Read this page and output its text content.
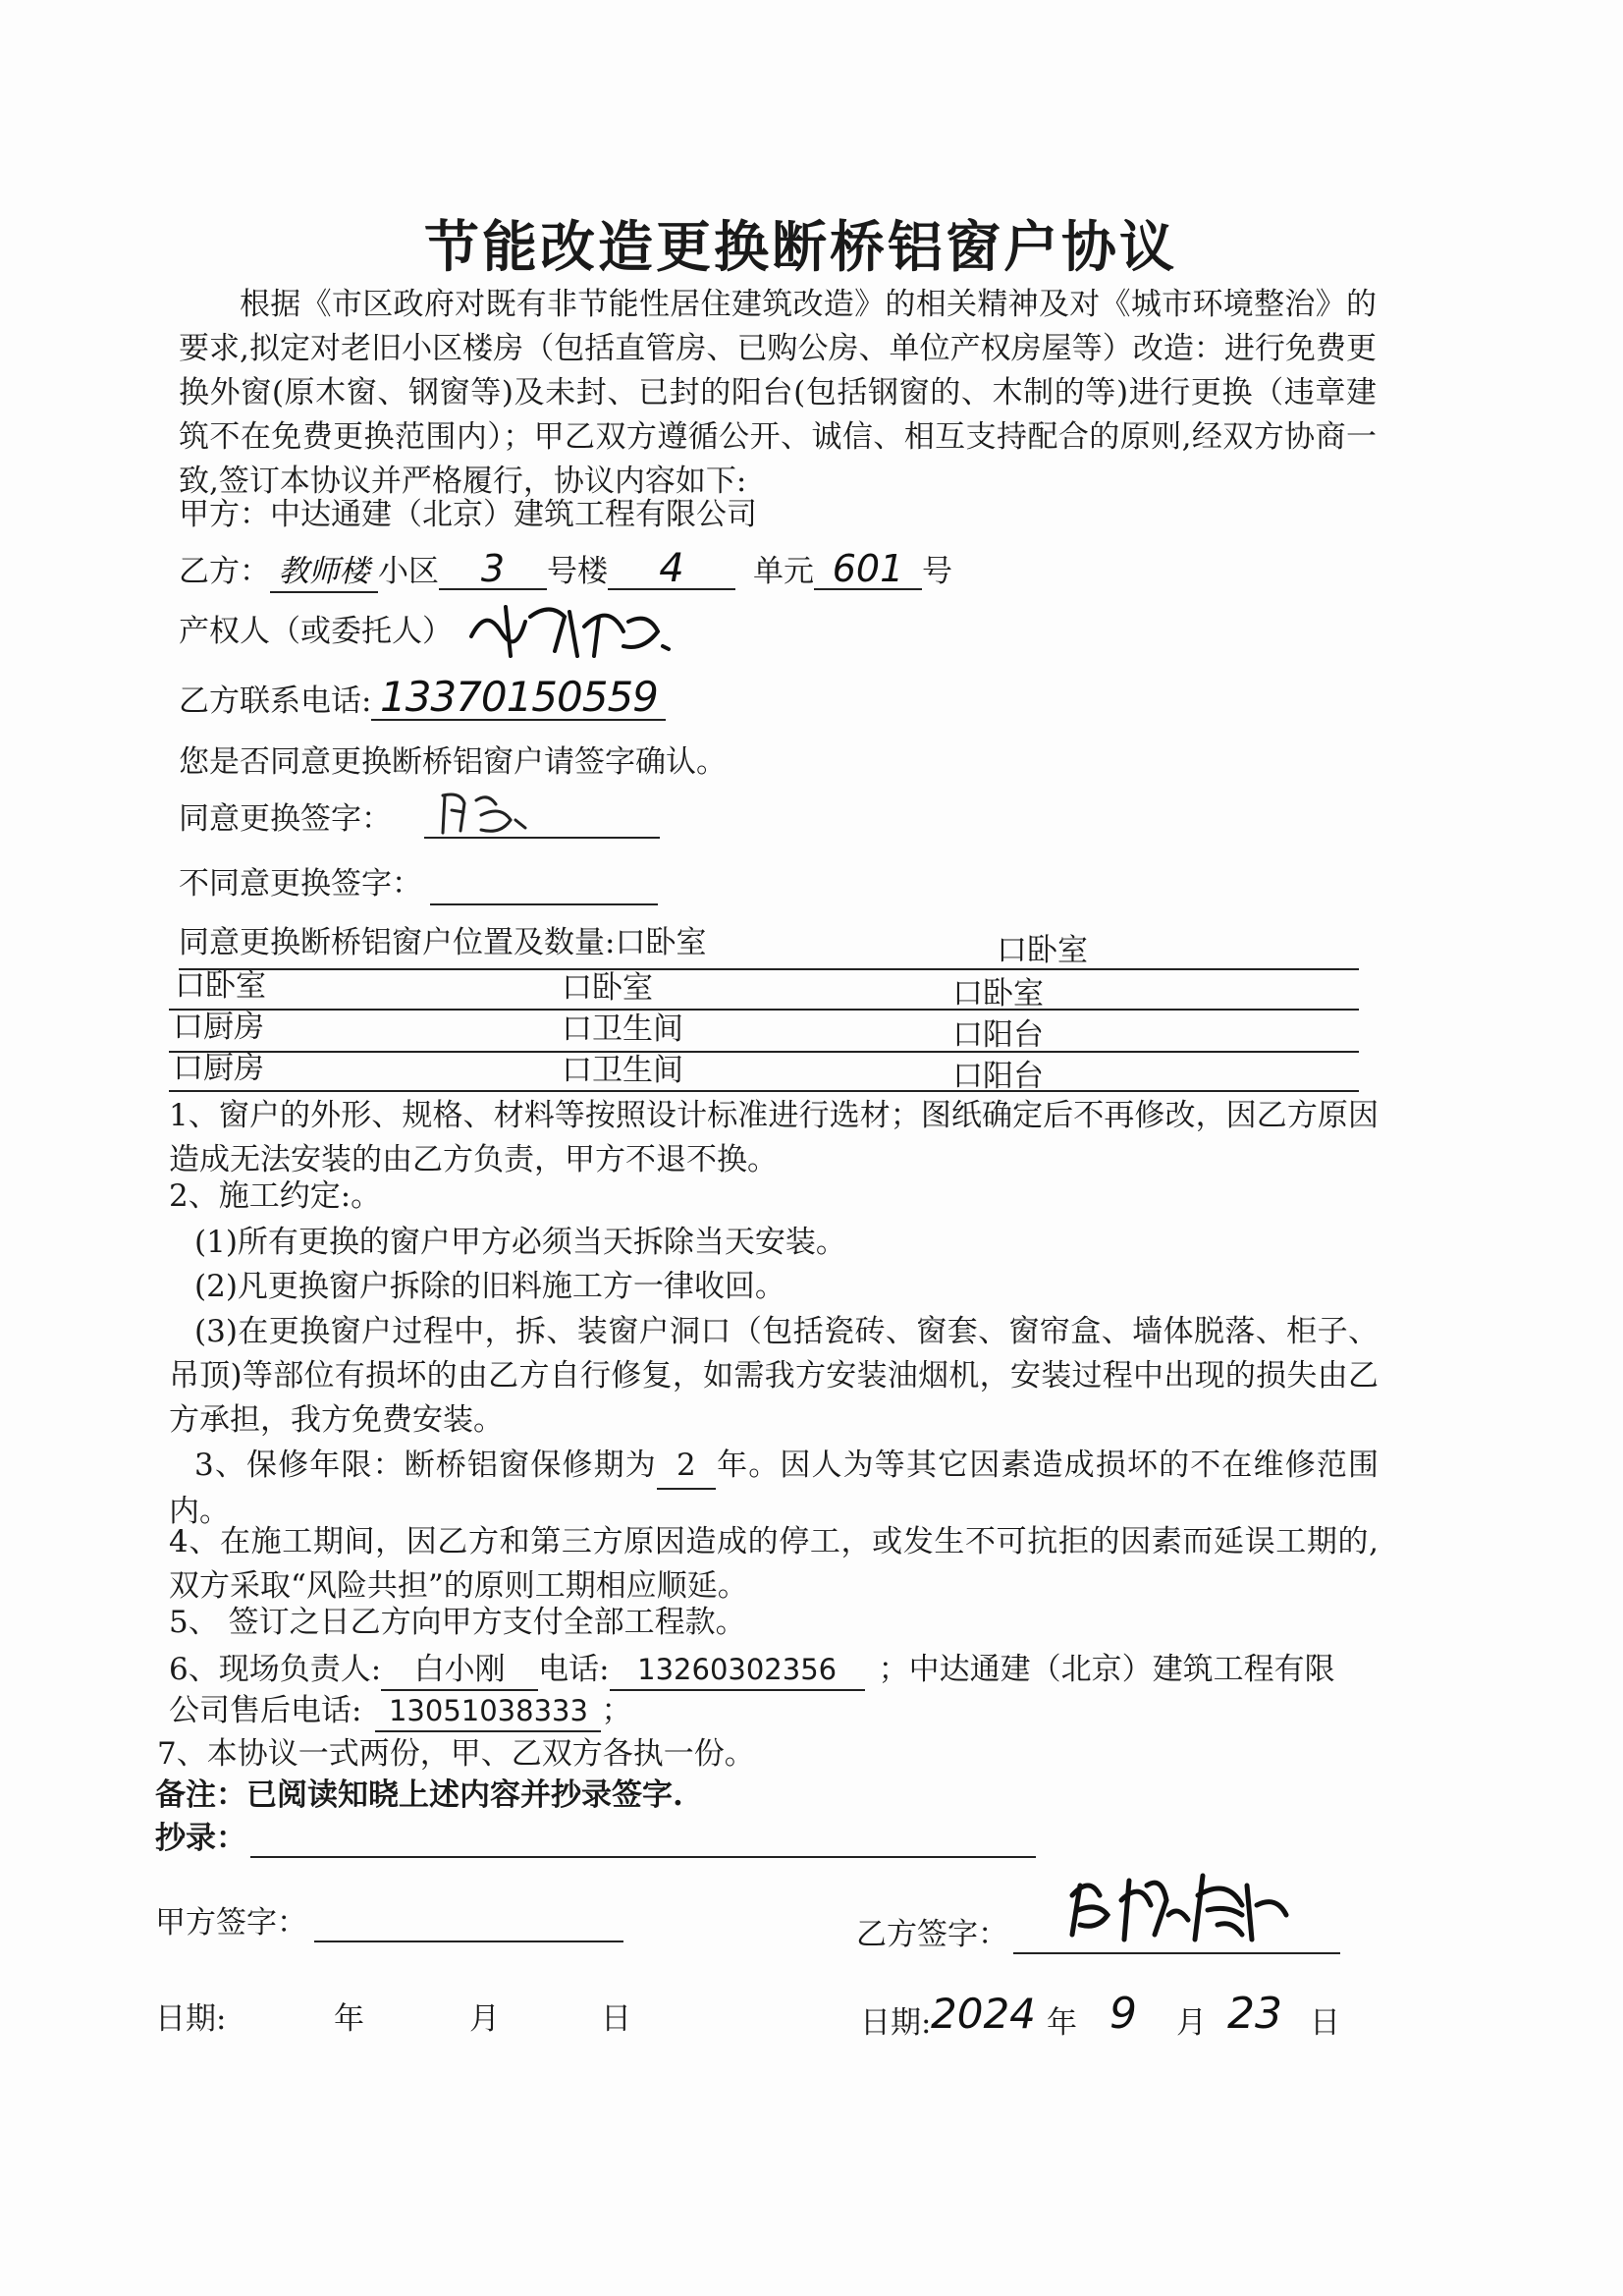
节能改造更换断桥铝窗户协议
根据《市区政府对既有非节能性居住建筑改造》的相关精神及对《城市环境整治》的要求,拟定对老旧小区楼房（包括直管房、已购公房、单位产权房屋等）改造：进行免费更换外窗(原木窗、钢窗等)及未封、已封的阳台(包括钢窗的、木制的等)进行更换（违章建筑不在免费更换范围内）；甲乙双方遵循公开、诚信、相互支持配合的原则,经双方协商一致,签订本协议并严格履行，协议内容如下:
甲方：中达通建（北京）建筑工程有限公司
乙方： 教师楼 小区 3 号楼 4 单元 601 号
产权人（或委托人）
乙方联系电话: 13370150559
您是否同意更换断桥铝窗户请签字确认。
同意更换签字：
不同意更换签字：
同意更换断桥铝窗户位置及数量:口卧室	口卧室
口卧室	口卧室	口卧室
口厨房	口卫生间	口阳台
口厨房	口卫生间	口阳台
1、窗户的外形、规格、材料等按照设计标准进行选材；图纸确定后不再修改，因乙方原因造成无法安装的由乙方负责，甲方不退不换。
2、施工约定:。
(1)所有更换的窗户甲方必须当天拆除当天安装。
(2)凡更换窗户拆除的旧料施工方一律收回。
(3)在更换窗户过程中，拆、装窗户洞口（包括瓷砖、窗套、窗帘盒、墙体脱落、柜子、吊顶)等部位有损坏的由乙方自行修复，如需我方安装油烟机，安装过程中出现的损失由乙方承担，我方免费安装。
3、保修年限：断桥铝窗保修期为 2 年。因人为等其它因素造成损坏的不在维修范围内。
4、在施工期间，因乙方和第三方原因造成的停工，或发生不可抗拒的因素而延误工期的,双方采取“风险共担”的原则工期相应顺延。
5、 签订之日乙方向甲方支付全部工程款。
6、现场负责人: 白小刚 电话: 13260302356 ；中达通建（北京）建筑工程有限
公司售后电话: 13051038333 ；
7、本协议一式两份，甲、乙双方各执一份。
备注：已阅读知晓上述内容并抄录签字.
抄录：
甲方签字：	乙方签字：
日期:	年	月	日	日期: 2024 年 9 月 23 日
